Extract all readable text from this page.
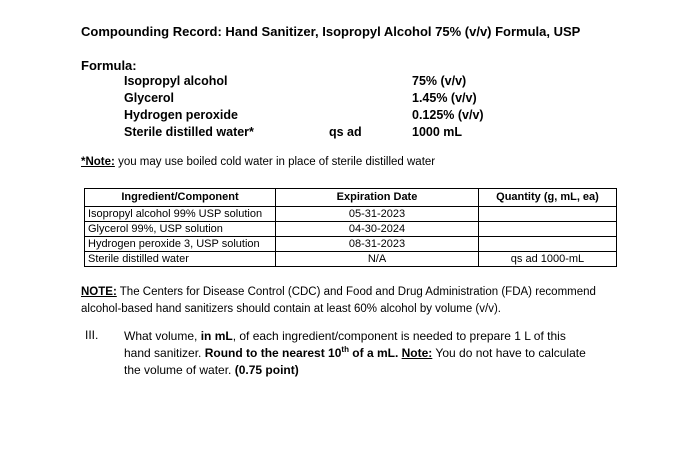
Compounding Record: Hand Sanitizer, Isopropyl Alcohol 75% (v/v) Formula, USP
Formula:
Isopropyl alcohol	75% (v/v)
Glycerol	1.45% (v/v)
Hydrogen peroxide	0.125% (v/v)
Sterile distilled water*	qs ad	1000 mL
*Note: you may use boiled cold water in place of sterile distilled water
Ingredient/Component	Expiration Date	Quantity (g, mL, ea)
Isopropyl alcohol 99% USP solution	05-31-2023	
Glycerol 99%, USP solution	04-30-2024	
Hydrogen peroxide 3, USP solution	08-31-2023	
Sterile distilled water	N/A	qs ad 1000-mL
NOTE: The Centers for Disease Control (CDC) and Food and Drug Administration (FDA) recommend
alcohol-based hand sanitizers should contain at least 60% alcohol by volume (v/v).
III. What volume, in mL, of each ingredient/component is needed to prepare 1 L of this
hand sanitizer. Round to the nearest 10th of a mL. Note: You do not have to calculate
the volume of water. (0.75 point)
